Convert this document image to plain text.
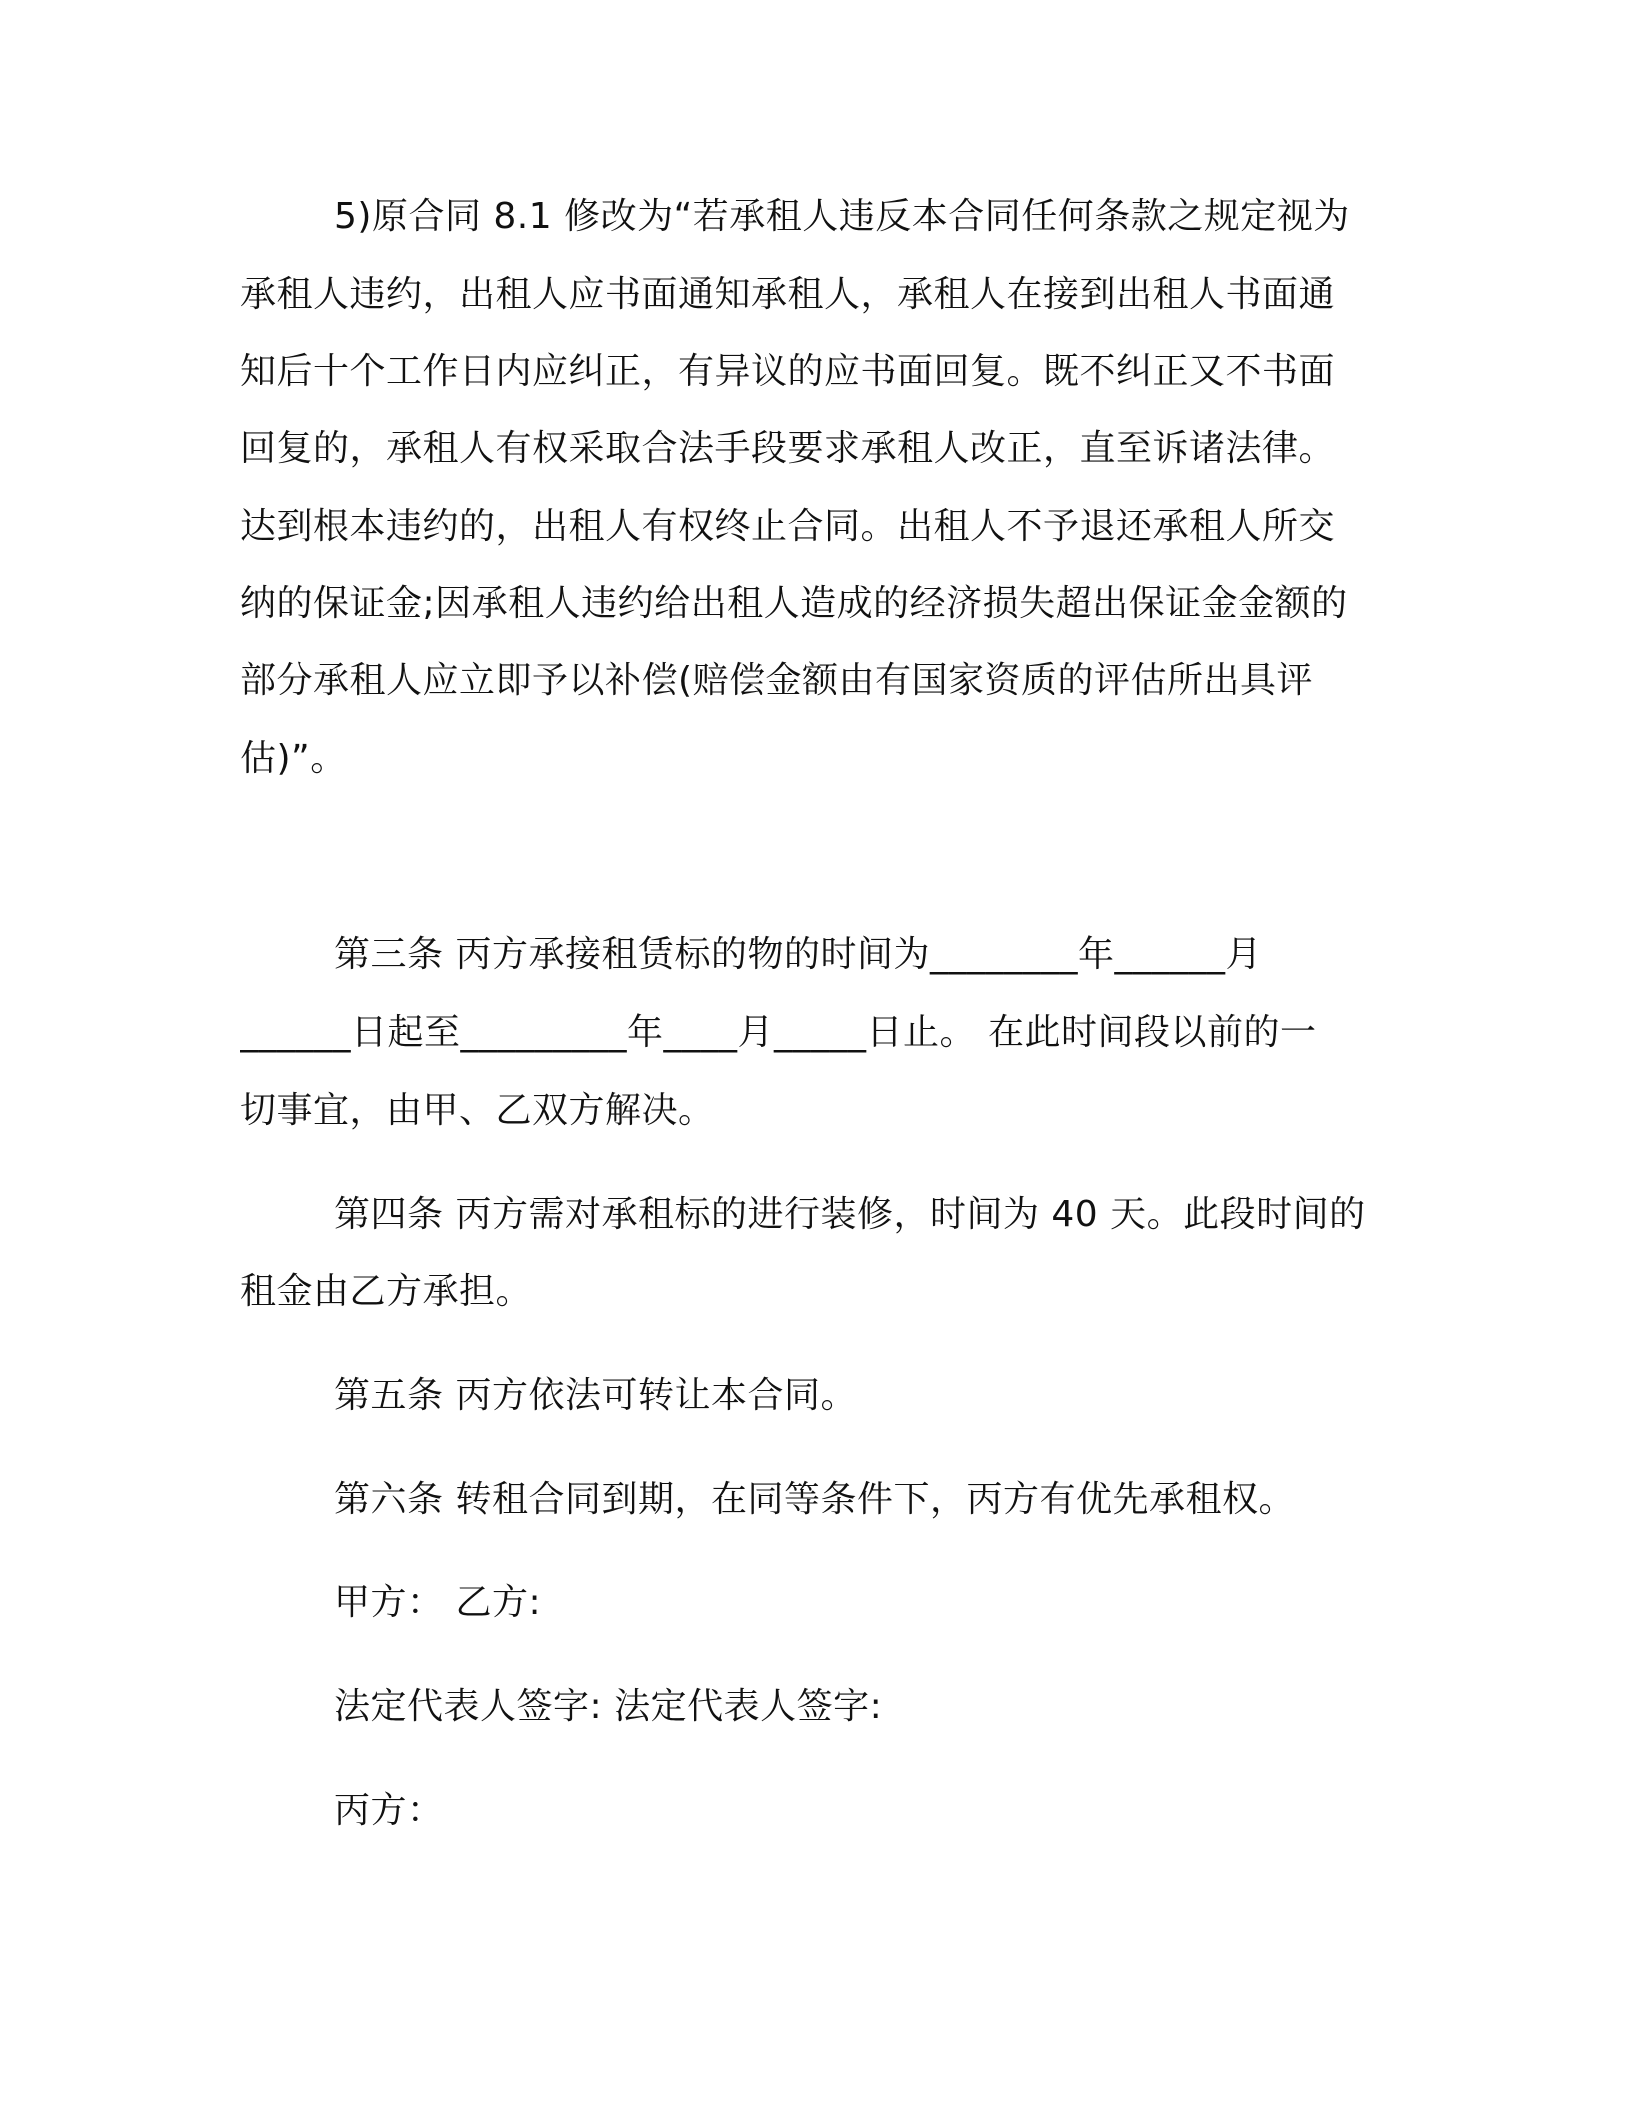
5)原合同 8.1 修改为“若承租人违反本合同任何条款之规定视为
承租人违约，出租人应书面通知承租人，承租人在接到出租人书面通
知后十个工作日内应纠正，有异议的应书面回复。既不纠正又不书面
回复的，承租人有权采取合法手段要求承租人改正，直至诉诸法律。
达到根本违约的，出租人有权终止合同。出租人不予退还承租人所交
纳的保证金;因承租人违约给出租人造成的经济损失超出保证金金额的
部分承租人应立即予以补偿(赔偿金额由有国家资质的评估所出具评
估)”。
第三条 丙方承接租赁标的物的时间为________年______月
______日起至_________年____月_____日止。 在此时间段以前的一
切事宜，由甲、乙双方解决。
第四条 丙方需对承租标的进行装修，时间为 40 天。此段时间的
租金由乙方承担。
第五条 丙方依法可转让本合同。
第六条 转租合同到期，在同等条件下，丙方有优先承租权。
甲方： 乙方:
法定代表人签字: 法定代表人签字:
丙方：
